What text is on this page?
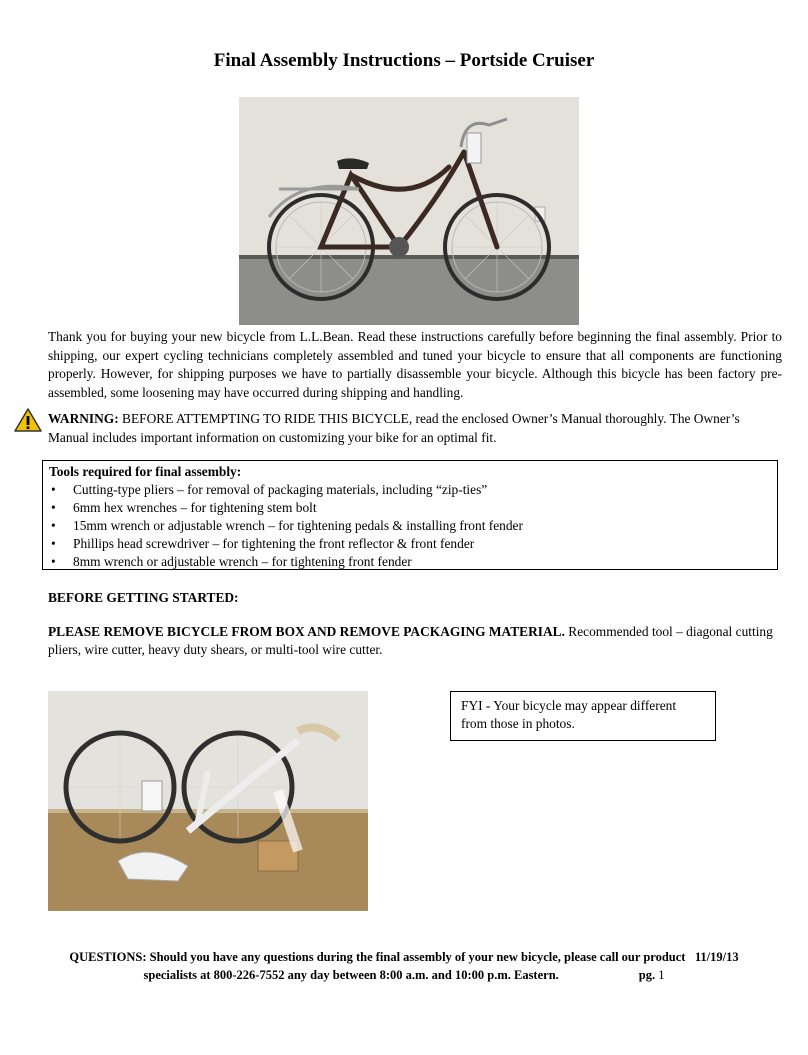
Final Assembly Instructions – Portside Cruiser
Thank you for buying your new bicycle from L.L.Bean. Read these instructions carefully before beginning the final assembly. Prior to shipping, our expert cycling technicians completely assembled and tuned your bicycle to ensure that all components are functioning properly. However, for shipping purposes we have to partially disassemble your bicycle. Although this bicycle has been factory pre-assembled, some loosening may have occurred during shipping and handling.
WARNING: BEFORE ATTEMPTING TO RIDE THIS BICYCLE, read the enclosed Owner’s Manual thoroughly. The Owner’s Manual includes important information on customizing your bike for an optimal fit.
Tools required for final assembly:
• Cutting-type pliers – for removal of packaging materials, including “zip-ties”
• 6mm hex wrenches – for tightening stem bolt
• 15mm wrench or adjustable wrench – for tightening pedals & installing front fender
• Phillips head screwdriver – for tightening the front reflector & front fender
• 8mm wrench or adjustable wrench – for tightening front fender
BEFORE GETTING STARTED:
PLEASE REMOVE BICYCLE FROM BOX AND REMOVE PACKAGING MATERIAL. Recommended tool – diagonal cutting pliers, wire cutter, heavy duty shears, or multi-tool wire cutter.
FYI - Your bicycle may appear different from those in photos.
QUESTIONS: Should you have any questions during the final assembly of your new bicycle, please call our product 11/19/13
specialists at 800-226-7552 any day between 8:00 a.m. and 10:00 p.m. Eastern.	pg. 1
